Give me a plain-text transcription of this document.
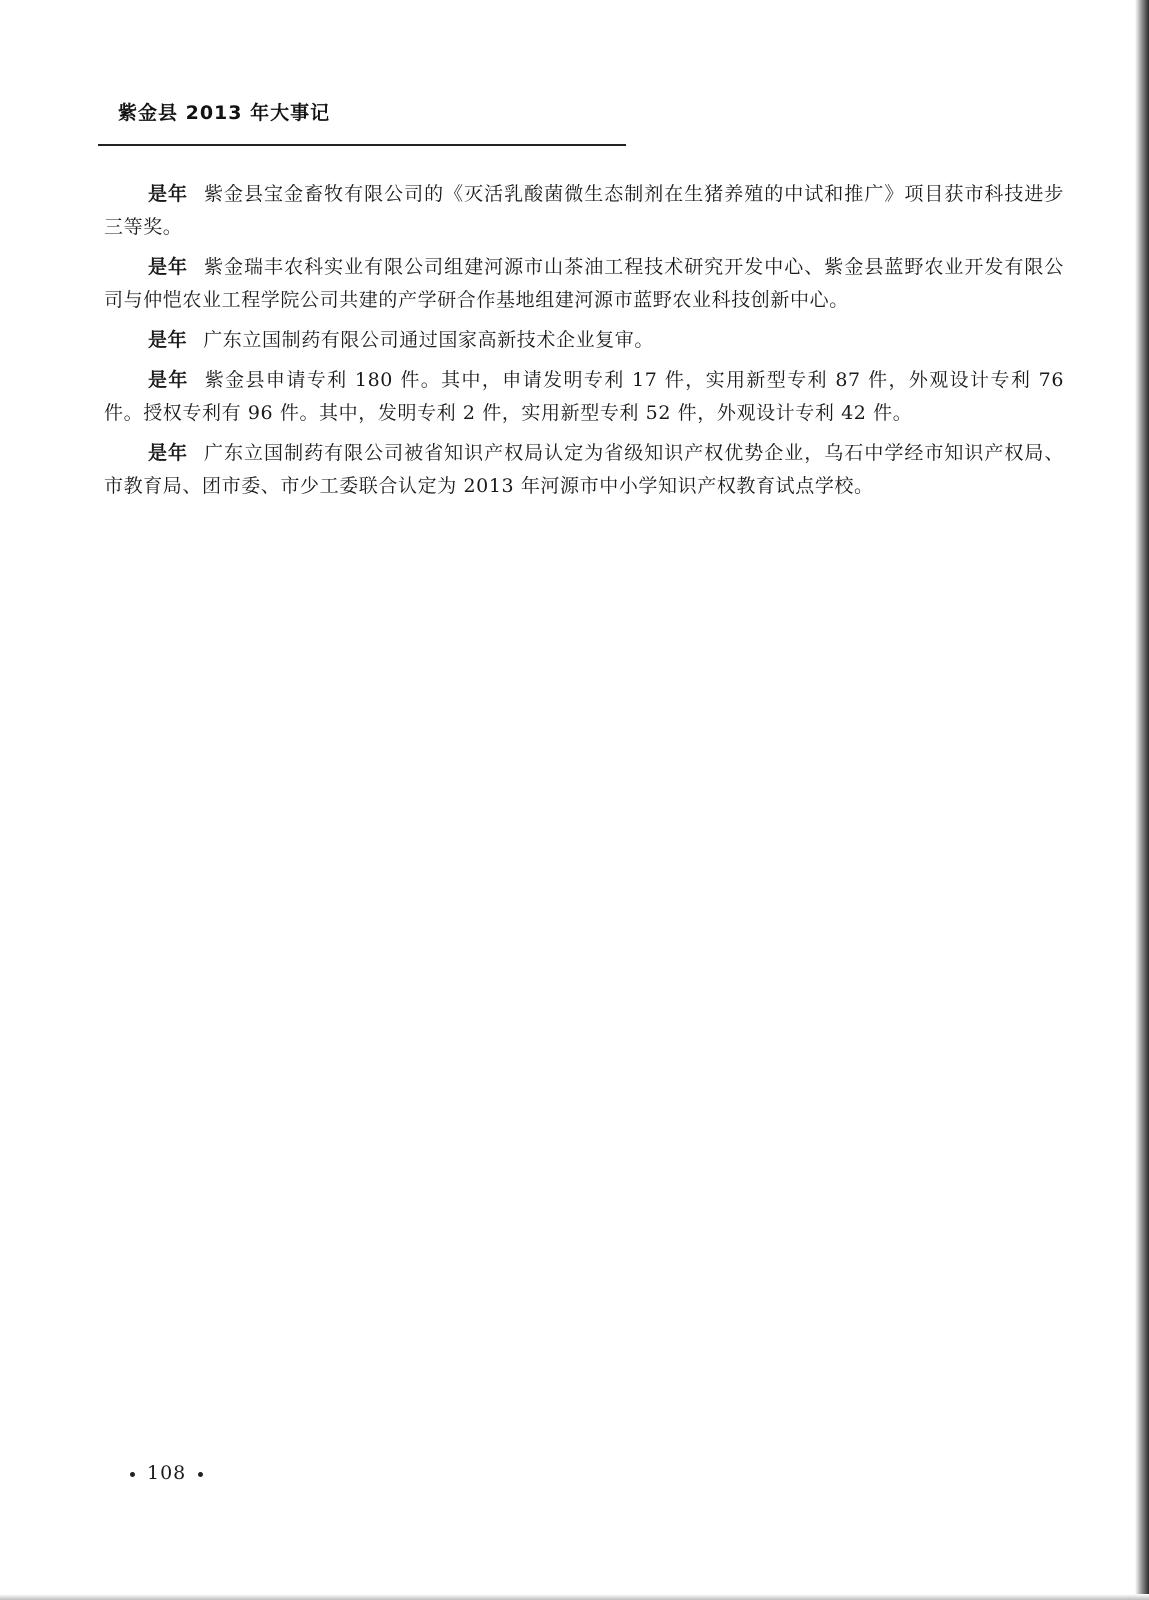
紫金县 2013 年大事记

是年 紫金县宝金畜牧有限公司的《灭活乳酸菌微生态制剂在生猪养殖的中试和推广》项目获市科技进步三等奖。

是年 紫金瑞丰农科实业有限公司组建河源市山茶油工程技术研究开发中心、紫金县蓝野农业开发有限公司与仲恺农业工程学院公司共建的产学研合作基地组建河源市蓝野农业科技创新中心。

是年 广东立国制药有限公司通过国家高新技术企业复审。

是年 紫金县申请专利 180 件。其中，申请发明专利 17 件，实用新型专利 87 件，外观设计专利 76 件。授权专利有 96 件。其中，发明专利 2 件，实用新型专利 52 件，外观设计专利 42 件。

是年 广东立国制药有限公司被省知识产权局认定为省级知识产权优势企业，乌石中学经市知识产权局、市教育局、团市委、市少工委联合认定为 2013 年河源市中小学知识产权教育试点学校。

108
